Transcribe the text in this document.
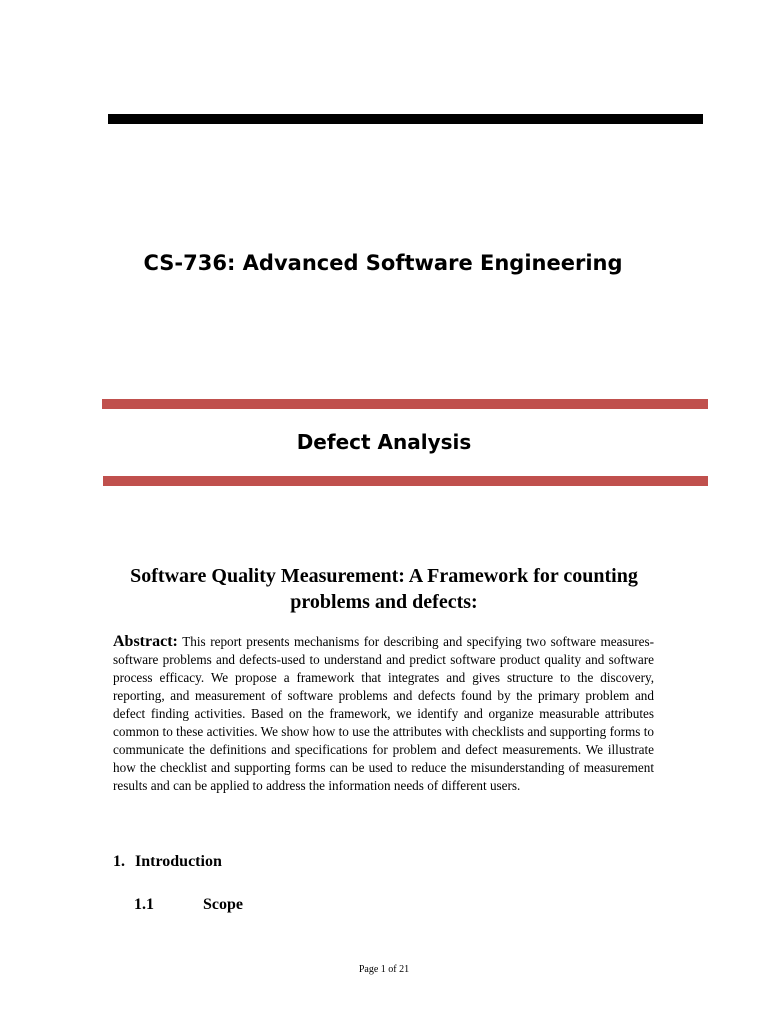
CS-736: Advanced Software Engineering
Defect Analysis
Software Quality Measurement: A Framework for counting problems and defects:
Abstract: This report presents mechanisms for describing and specifying two software measures-software problems and defects-used to understand and predict software product quality and software process efficacy. We propose a framework that integrates and gives structure to the discovery, reporting, and measurement of software problems and defects found by the primary problem and defect finding activities. Based on the framework, we identify and organize measurable attributes common to these activities. We show how to use the attributes with checklists and supporting forms to communicate the definitions and specifications for problem and defect measurements. We illustrate how the checklist and supporting forms can be used to reduce the misunderstanding of measurement results and can be applied to address the information needs of different users.
1. Introduction
1.1	Scope
Page 1 of 21
